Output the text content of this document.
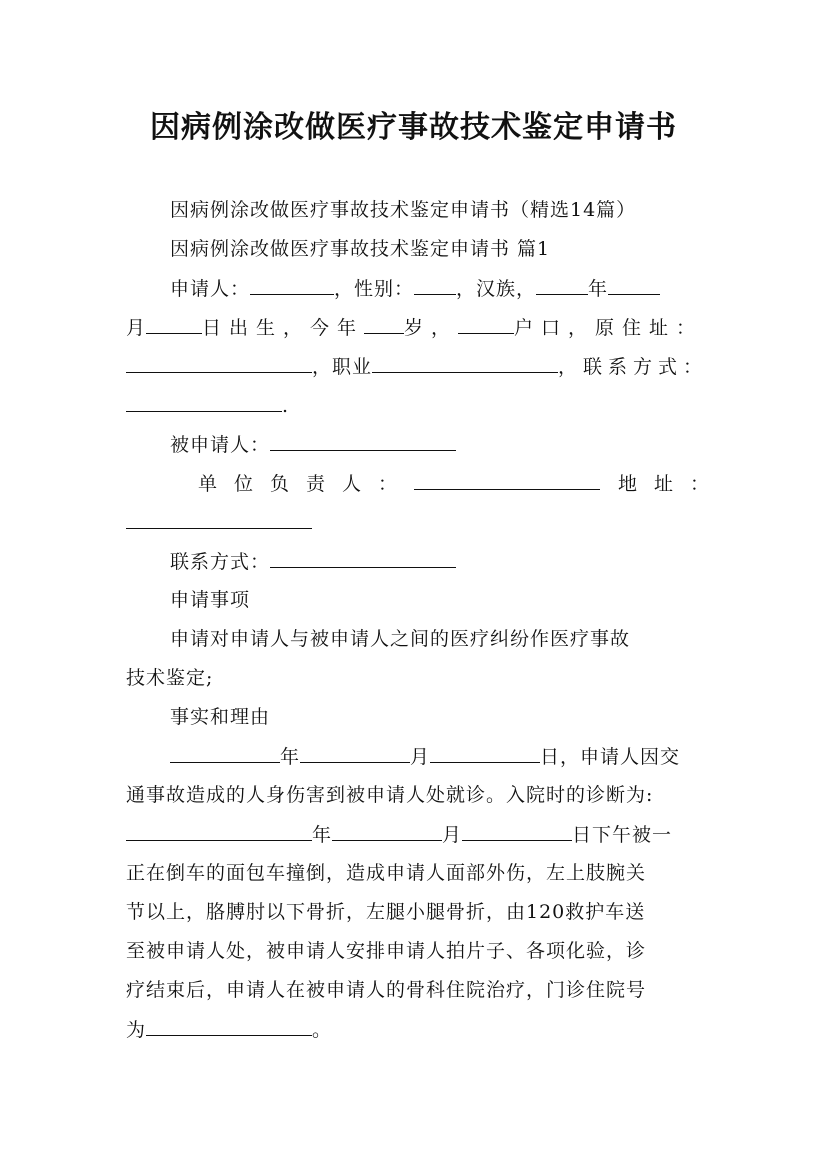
因病例涂改做医疗事故技术鉴定申请书
因病例涂改做医疗事故技术鉴定申请书（精选14篇）
因病例涂改做医疗事故技术鉴定申请书 篇1
申请人：	，性别： ，汉族，	年
月	日出生，今年 岁，	户口，原住址：
，职业	，联系方式：
.
被申请人：
单位负责人：	地址：
联系方式：
申请事项
申请对申请人与被申请人之间的医疗纠纷作医疗事故
技术鉴定;
事实和理由
年	月	日，申请人因交
通事故造成的人身伤害到被申请人处就诊。入院时的诊断为:
年	月	日下午被一
正在倒车的面包车撞倒，造成申请人面部外伤，左上肢腕关
节以上，胳膊肘以下骨折，左腿小腿骨折，由120救护车送
至被申请人处，被申请人安排申请人拍片子、各项化验，诊
疗结束后，申请人在被申请人的骨科住院治疗，门诊住院号
为	。
